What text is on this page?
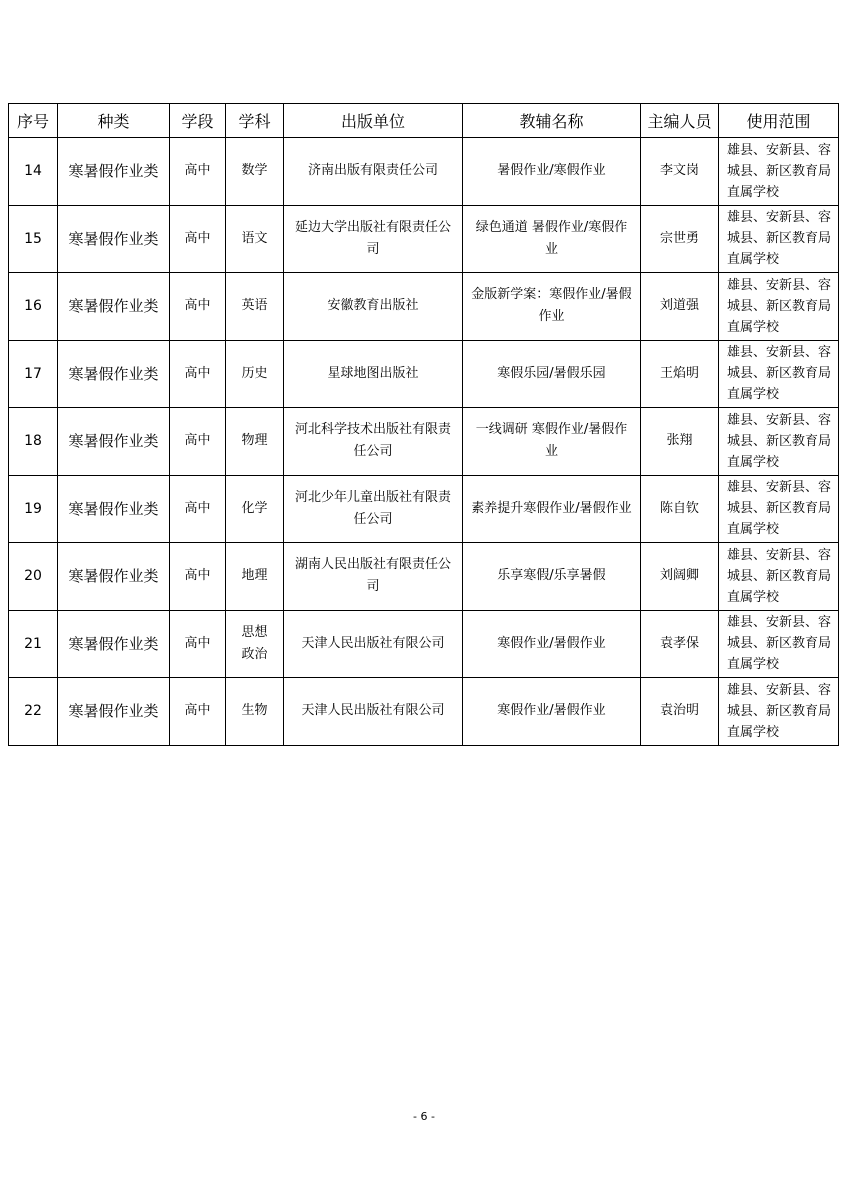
序号	种类	学段	学科	出版单位	教辅名称	主编人员	使用范围
14	寒暑假作业类	高中	数学	济南出版有限责任公司	暑假作业/寒假作业	李文岗	雄县、安新县、容城县、新区教育局直属学校
15	寒暑假作业类	高中	语文	延边大学出版社有限责任公司	绿色通道 暑假作业/寒假作业	宗世勇	雄县、安新县、容城县、新区教育局直属学校
16	寒暑假作业类	高中	英语	安徽教育出版社	金版新学案：寒假作业/暑假作业	刘道强	雄县、安新县、容城县、新区教育局直属学校
17	寒暑假作业类	高中	历史	星球地图出版社	寒假乐园/暑假乐园	王焰明	雄县、安新县、容城县、新区教育局直属学校
18	寒暑假作业类	高中	物理	河北科学技术出版社有限责任公司	一线调研 寒假作业/暑假作业	张翔	雄县、安新县、容城县、新区教育局直属学校
19	寒暑假作业类	高中	化学	河北少年儿童出版社有限责任公司	素养提升寒假作业/暑假作业	陈自钦	雄县、安新县、容城县、新区教育局直属学校
20	寒暑假作业类	高中	地理	湖南人民出版社有限责任公司	乐享寒假/乐享暑假	刘阔卿	雄县、安新县、容城县、新区教育局直属学校
21	寒暑假作业类	高中	思想政治	天津人民出版社有限公司	寒假作业/暑假作业	袁孝保	雄县、安新县、容城县、新区教育局直属学校
22	寒暑假作业类	高中	生物	天津人民出版社有限公司	寒假作业/暑假作业	袁治明	雄县、安新县、容城县、新区教育局直属学校
- 6 -
